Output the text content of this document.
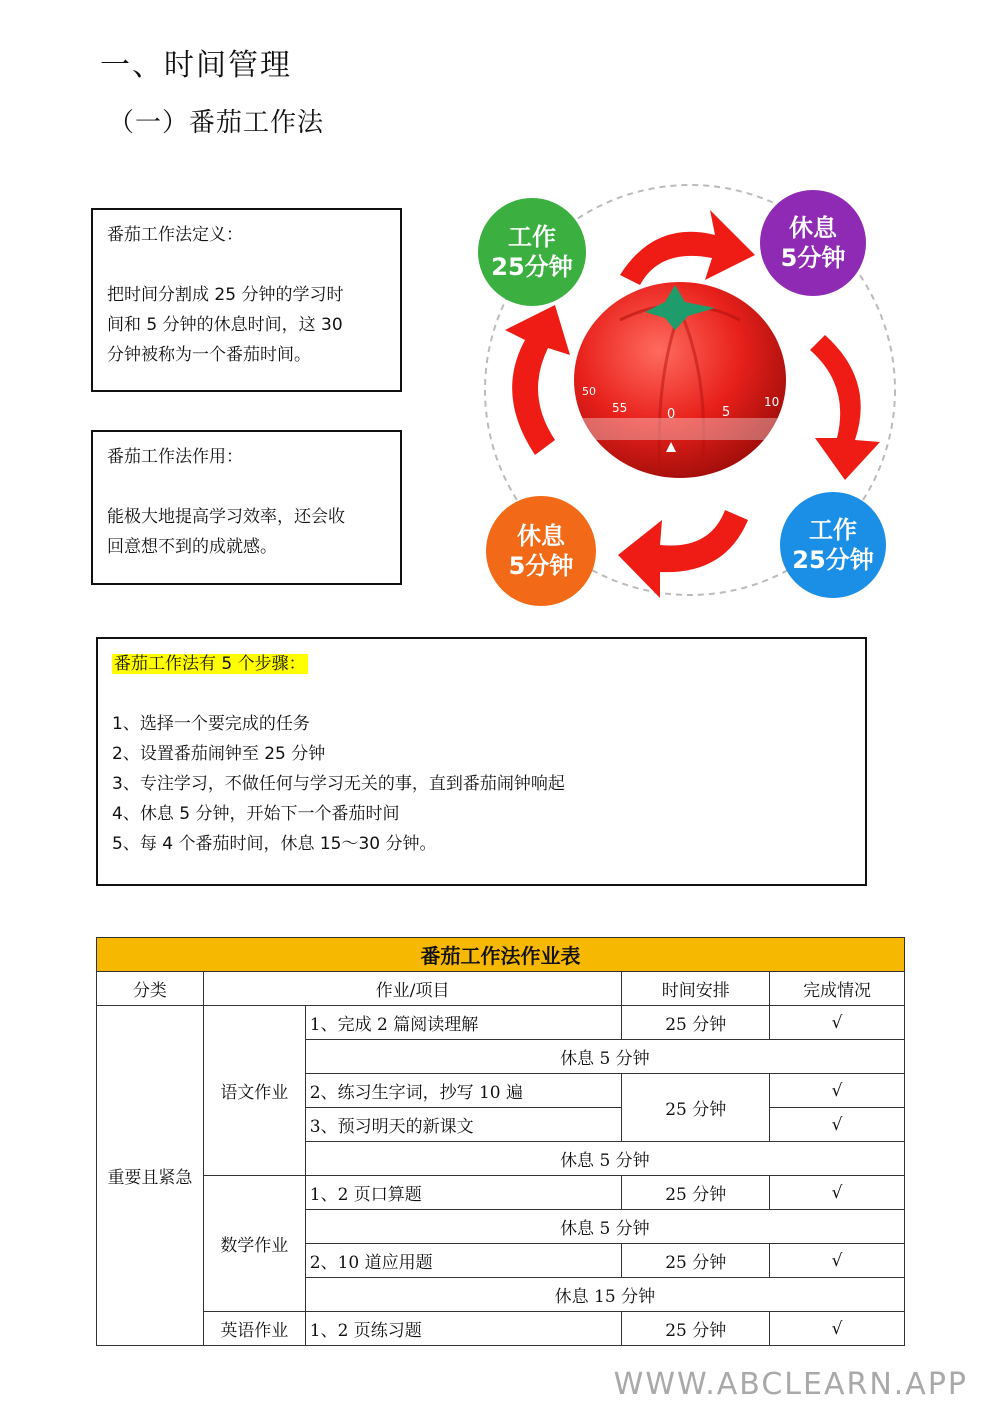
一、时间管理
（一）番茄工作法

番茄工作法定义：

把时间分割成 25 分钟的学习时

间和 5 分钟的休息时间，这 30

分钟被称为一个番茄时间。

番茄工作法作用：

能极大地提高学习效率，还会收

回意想不到的成就感。

50
55	0	5
10
工作
25分钟
休息
5分钟
工作
25分钟
休息
5分钟

番茄工作法有 5 个步骤：

1、选择一个要完成的任务

2、设置番茄闹钟至 25 分钟

3、专注学习，不做任何与学习无关的事，直到番茄闹钟响起

4、休息 5 分钟，开始下一个番茄时间

5、每 4 个番茄时间，休息 15～30 分钟。

番茄工作法作业表				
分类	作业/项目		时间安排	完成情况
重要且紧急	语文作业	1、完成 2 篇阅读理解	25 分钟	√
		休息 5 分钟		
		2、练习生字词，抄写 10 遍	25 分钟	√
		3、预习明天的新课文		√
		休息 5 分钟		
	数学作业	1、2 页口算题	25 分钟	√
		休息 5 分钟		
		2、10 道应用题	25 分钟	√
		休息 15 分钟		
	英语作业	1、2 页练习题	25 分钟	√
WWW.ABCLEARN.APP
